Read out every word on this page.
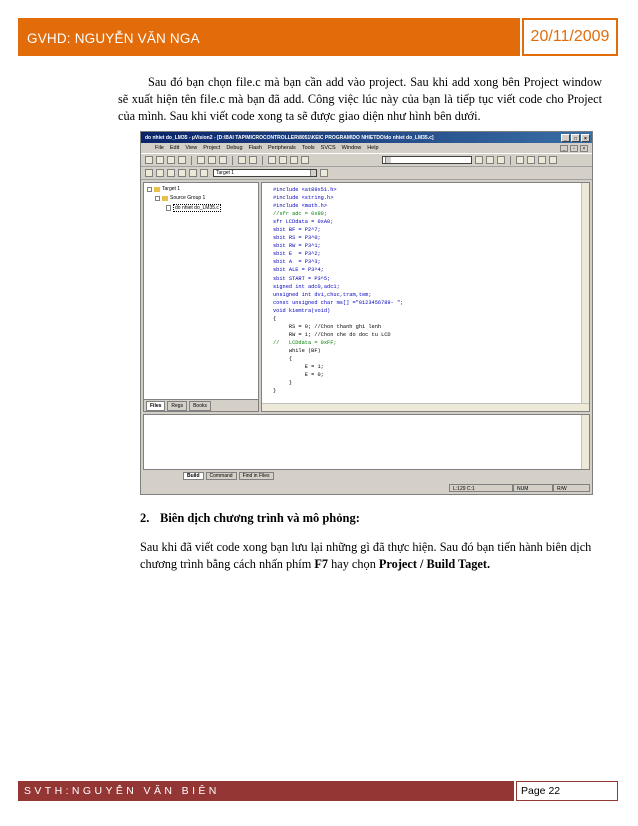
GVHD: NGUYỄN VĂN NGA	20/11/2009

Sau đó bạn chọn file.c mà bạn cần add vào project. Sau khi add xong bên Project window sẽ xuất hiện tên file.c mà bạn đã add. Công việc lúc này của bạn là tiếp tục viết code cho Project của mình. Sau khi viết code xong ta sẽ được giao diện như hình bên dưới.

do nhiet do_LM35 - µVision2 - [D:\BAI TAP\MICROCONTROLLER\8051\KEIC PROGRAM\DO NHIETDO\do nhiet do_LM35.c]	_	□	×
File Edit View Project Debug Flash Peripherals Tools SVCS Window Help	_	▫	×
Target 1
Target 1
Source Group 1
do nhiet do_LM35.c
Files	Regs	Books
#include <at89x51.h>
#include <string.h>
#include <math.h>
//sfr adc = 0x90;
sfr LCDdata = 0xA0;
sbit BF = P2^7;
sbit RS = P3^0;
sbit RW = P3^1;
sbit E  = P3^2;
sbit A  = P3^3;
sbit ALE = P3^4;
sbit START = P3^5;
signed int adc0,adc1;
unsigned int dvi,chuc,tram,tem;
const unsigned char ms[] ="0123456789- ";
void kiemtra(void)
{
RS = 0; //Chon thanh ghi lenh
RW = 1; //Chon che do doc tu LCD
//   LCDdata = 0xFF;
while (BF)
{
E = 1;
E = 0;
}
}
Build	Command	Find in Files
L:129 C:1	NUM	R/W
2. Biên dịch chương trình và mô phỏng:

Sau khi đã viết code xong bạn lưu lại những gì đã thực hiện. Sau đó bạn tiến hành biên dịch chương trình bằng cách nhấn phím F7 hay chọn Project / Build Taget.

SVTH:NGUYỄN VĂN BIÊN	Page 22
